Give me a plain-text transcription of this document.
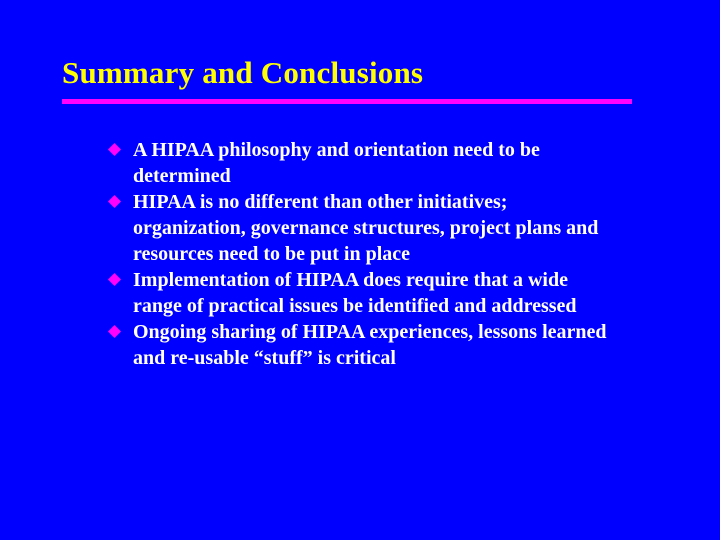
Summary and Conclusions
A HIPAA philosophy and orientation need to be determined
HIPAA is no different than other initiatives; organization, governance structures, project plans and resources need to be put in place
Implementation of HIPAA does require that a wide range of practical issues be identified and addressed
Ongoing sharing of HIPAA experiences, lessons learned and re-usable “stuff” is critical
